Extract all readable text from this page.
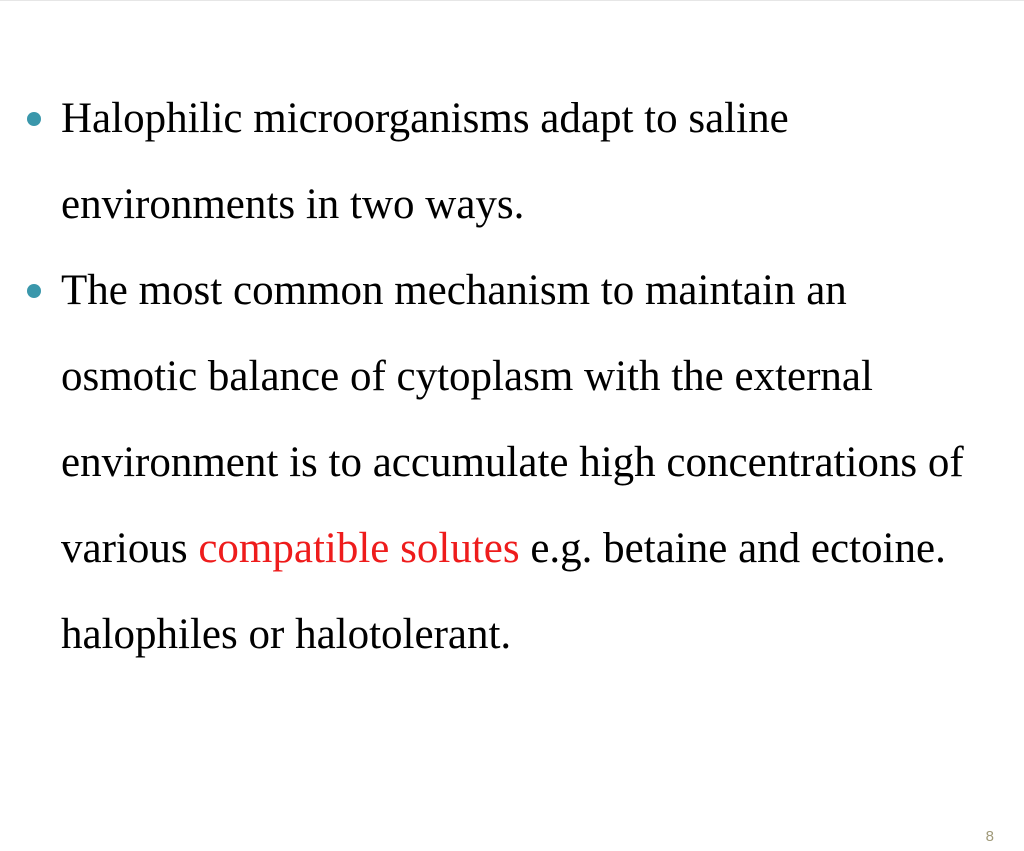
Halophilic microorganisms adapt to saline environments in two ways.
The most common mechanism to maintain an osmotic balance of cytoplasm with the external environment is to accumulate high concentrations of various compatible solutes e.g. betaine and ectoine. halophiles or halotolerant.
8
